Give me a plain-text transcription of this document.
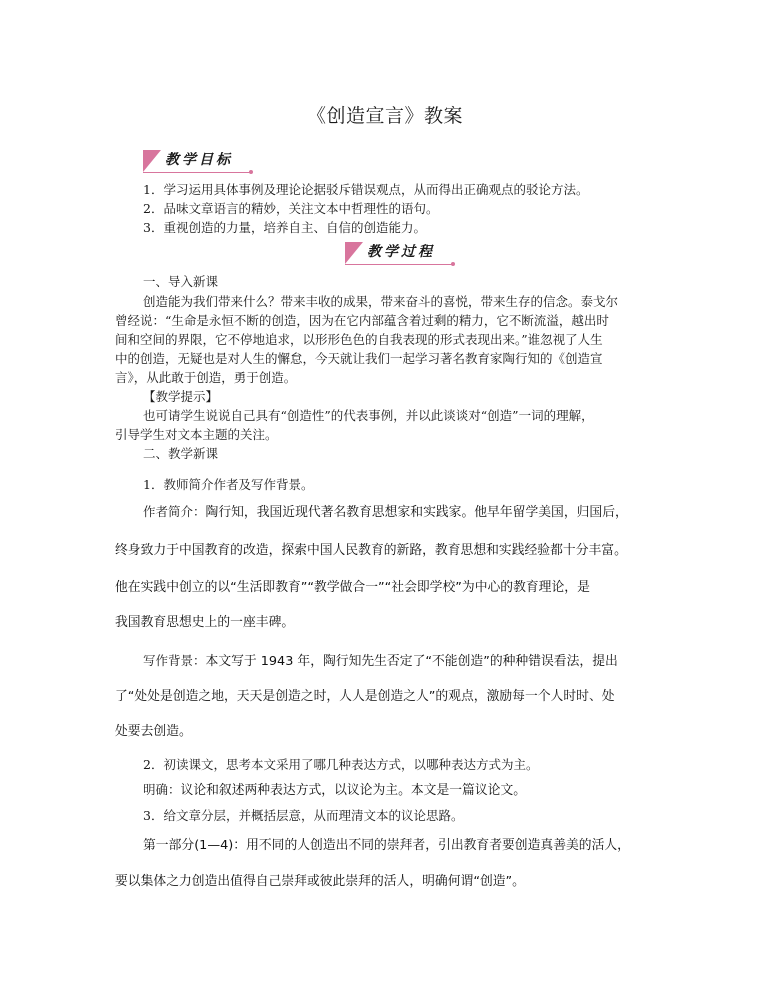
《创造宣言》教案
教学目标
1．学习运用具体事例及理论论据驳斥错误观点，从而得出正确观点的驳论方法。
2．品味文章语言的精妙，关注文本中哲理性的语句。
3．重视创造的力量，培养自主、自信的创造能力。
教学过程
一、导入新课
创造能为我们带来什么？带来丰收的成果，带来奋斗的喜悦，带来生存的信念。泰戈尔
曾经说：“生命是永恒不断的创造，因为在它内部蕴含着过剩的精力，它不断流溢，越出时
间和空间的界限，它不停地追求，以形形色色的自我表现的形式表现出来。”谁忽视了人生
中的创造，无疑也是对人生的懈怠，今天就让我们一起学习著名教育家陶行知的《创造宣
言》，从此敢于创造，勇于创造。
【教学提示】
也可请学生说说自己具有“创造性”的代表事例，并以此谈谈对“创造”一词的理解，
引导学生对文本主题的关注。
二、教学新课
1．教师简介作者及写作背景。
作者简介：陶行知，我国近现代著名教育思想家和实践家。他早年留学美国，归国后，
终身致力于中国教育的改造，探索中国人民教育的新路，教育思想和实践经验都十分丰富。
他在实践中创立的以“生活即教育”“教学做合一”“社会即学校”为中心的教育理论，是
我国教育思想史上的一座丰碑。
写作背景：本文写于 1943 年，陶行知先生否定了“不能创造”的种种错误看法，提出
了“处处是创造之地，天天是创造之时，人人是创造之人”的观点，激励每一个人时时、处
处要去创造。
2．初读课文，思考本文采用了哪几种表达方式，以哪种表达方式为主。
明确：议论和叙述两种表达方式，以议论为主。本文是一篇议论文。
3．给文章分层，并概括层意，从而理清文本的议论思路。
第一部分(1—4)：用不同的人创造出不同的崇拜者，引出教育者要创造真善美的活人，
要以集体之力创造出值得自己崇拜或彼此崇拜的活人，明确何谓“创造”。
